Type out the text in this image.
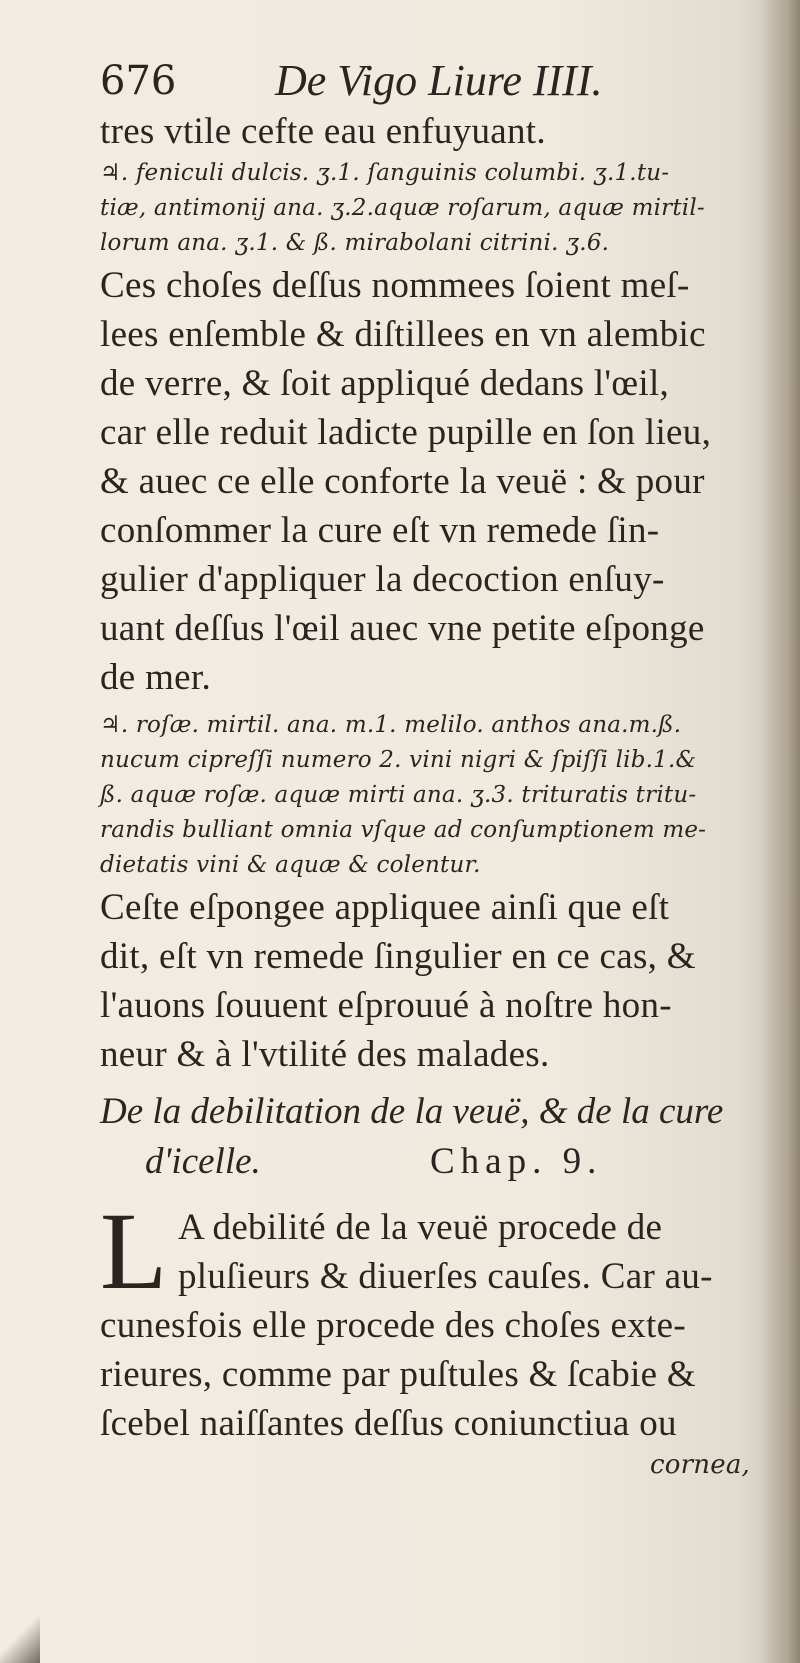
676 De Vigo Liure IIII.
tres vtile cefte eau enfuyuant.
♃. feniculi dulcis. ʒ.1. ſanguinis columbi. ʒ.1.tu-
tiæ, antimonij ana. ʒ.2.aquæ roſarum, aquæ mirtil-
lorum ana. ʒ.1. & ß. mirabolani citrini. ʒ.6.
Ces choſes deſſus nommees ſoient meſ-
lees enſemble & diſtillees en vn alembic
de verre, & ſoit appliqué dedans l'œil,
car elle reduit ladicte pupille en ſon lieu,
& auec ce elle conforte la veuë : & pour
conſommer la cure eſt vn remede ſin-
gulier d'appliquer la decoction enſuy-
uant deſſus l'œil auec vne petite eſponge
de mer.
♃. roſæ. mirtil. ana. m.1. melilo. anthos ana.m.ß.
nucum cipreſſi numero 2. vini nigri & ſpiſſi lib.1.&
ß. aquæ roſæ. aquæ mirti ana. ʒ.3. trituratis tritu-
randis bulliant omnia vſque ad conſumptionem me-
dietatis vini & aquæ & colentur.
Ceſte eſpongee appliquee ainſi que eſt
dit, eſt vn remede ſingulier en ce cas, &
l'auons ſouuent eſprouué à noſtre hon-
neur & à l'vtilité des malades.
De la debilitation de la veuë, & de la cure
d'icelle.	Chap. 9.
L A debilité de la veuë procede de
pluſieurs & diuerſes cauſes. Car au-
cunesfois elle procede des choſes exte-
rieures, comme par puſtules & ſcabie &
ſcebel naiſſantes deſſus coniunctiua ou
cornea,
